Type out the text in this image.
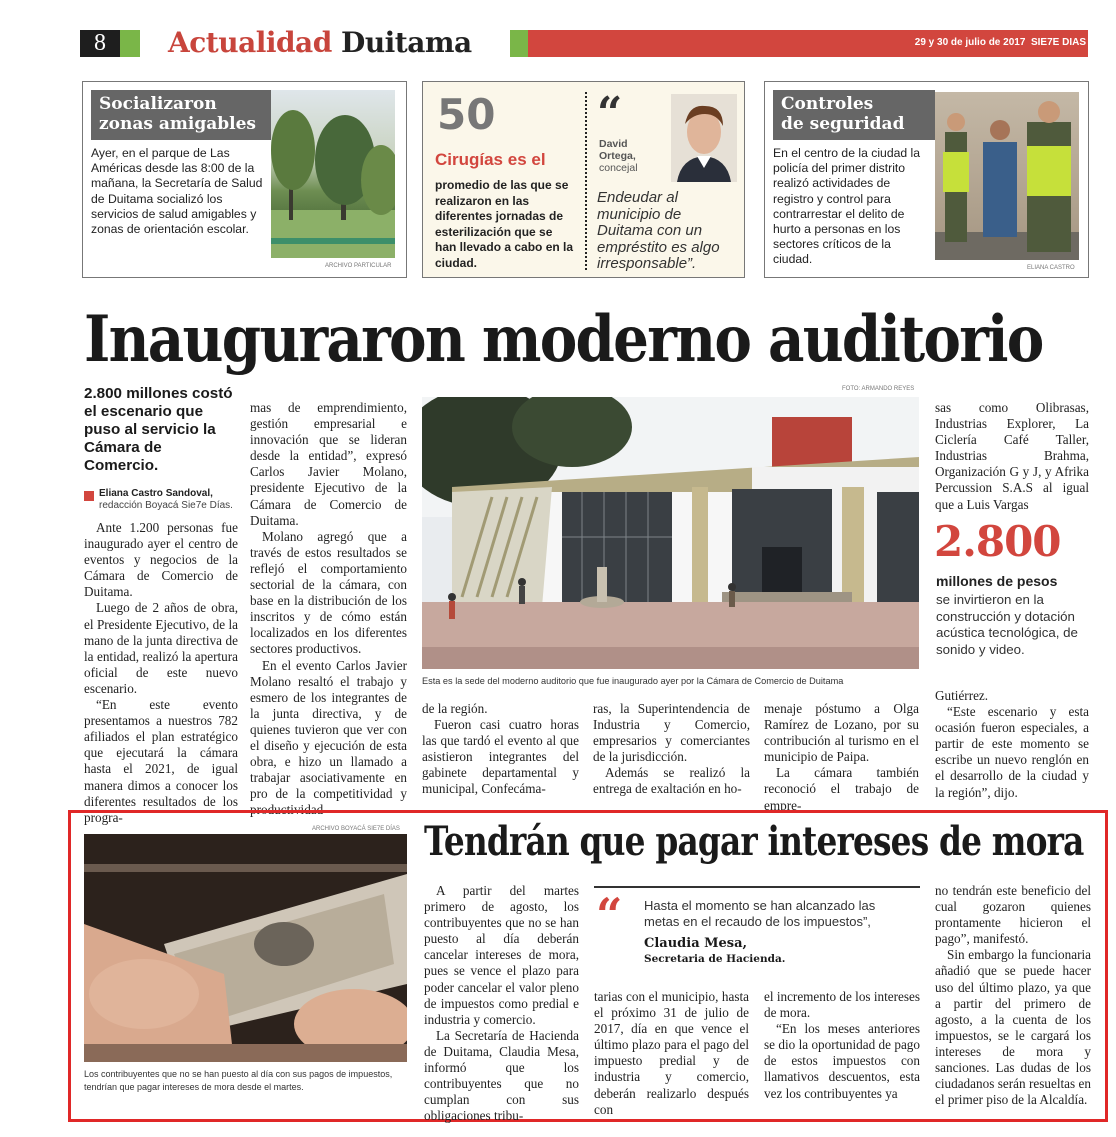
8	Actualidad Duitama	29 y 30 de julio de 2017 SIE7E DIAS
Socializaron
zonas amigables
Ayer, en el parque de Las Américas desde las 8:00 de la mañana, la Secretaría de Salud de Duitama socializó los servicios de salud amigables y zonas de orientación escolar.
ARCHIVO PARTICULAR
50
Cirugías es el
promedio de las que se realizaron en las diferentes jornadas de esterilización que se han llevado a cabo en la ciudad.
“
David
Ortega,
concejal
Endeudar al municipio de Duitama con un empréstito es algo irresponsable”.
Controles
de seguridad
En el centro de la ciudad la policía del primer distrito realizó actividades de registro y control para contrarrestar el delito de hurto a personas en los sectores críticos de la ciudad.
ELIANA CASTRO
Inauguraron moderno auditorio
2.800 millones costó el escenario que puso al servicio la Cámara de Comercio.
Eliana Castro Sandoval,
redacción Boyacá Sie7e Días.

Ante 1.200 personas fue inaugurado ayer el centro de eventos y negocios de la Cámara de Comercio de Duitama.

Luego de 2 años de obra, el Presidente Ejecutivo, de la mano de la junta directiva de la entidad, realizó la apertura oficial de este nuevo escenario.

“En este evento presentamos a nuestros 782 afiliados el plan estratégico que ejecutará la cámara hasta el 2021, de igual manera dimos a conocer los diferentes resultados de los progra-

mas de emprendimiento, gestión empresarial e innovación que se lideran desde la entidad”, expresó Carlos Javier Molano, presidente Ejecutivo de la Cámara de Comercio de Duitama.

Molano agregó que a través de estos resultados se reflejó el comportamiento sectorial de la cámara, con base en la distribución de los inscritos y de cómo están localizados en los diferentes sectores productivos.

En el evento Carlos Javier Molano resaltó el trabajo y esmero de los integrantes de la junta directiva, y de quienes tuvieron que ver con el diseño y ejecución de esta obra, e hizo un llamado a trabajar asociativamente en pro de la competitividad y productividad

FOTO: ARMANDO REYES
Esta es la sede del moderno auditorio que fue inaugurado ayer por la Cámara de Comercio de Duitama

de la región.

Fueron casi cuatro horas las que tardó el evento al que asistieron integrantes del gabinete departamental y municipal, Confecáma-

ras, la Superintendencia de Industria y Comercio, empresarios y comerciantes de la jurisdicción.

Además se realizó la entrega de exaltación en ho-

menaje póstumo a Olga Ramírez de Lozano, por su contribución al turismo en el municipio de Paipa.

La cámara también reconoció el trabajo de empre-

sas como Olibrasas, Industrias Explorer, La Ciclería Café Taller, Industrias Brahma, Organización G y J, y Afrika Percussion S.A.S al igual que a Luis Vargas

2.800
millones de pesos
se invirtieron en la construcción y dotación acústica tecnológica, de sonido y video.

Gutiérrez.

“Este escenario y esta ocasión fueron especiales, a partir de este momento se escribe un nuevo renglón en el desarrollo de la ciudad y la región”, dijo.

ARCHIVO BOYACÁ SIE7E DÍAS
Los contribuyentes que no se han puesto al día con sus pagos de impuestos, tendrían que pagar intereses de mora desde el martes.
Tendrán que pagar intereses de mora

A partir del martes primero de agosto, los contribuyentes que no se han puesto al día deberán cancelar intereses de mora, pues se vence el plazo para poder cancelar el valor pleno de impuestos como predial e industria y comercio.

La Secretaría de Hacienda de Duitama, Claudia Mesa, informó que los contribuyentes que no cumplan con sus obligaciones tribu-

“ Hasta el momento se han alcanzado las metas en el recaudo de los impuestos”,
Claudia Mesa,
Secretaria de Hacienda.

tarias con el municipio, hasta el próximo 31 de julio de 2017, día en que vence el último plazo para el pago del impuesto predial y de industria y comercio, deberán realizarlo después con

el incremento de los intereses de mora.

“En los meses anteriores se dio la oportunidad de pago de estos impuestos con llamativos descuentos, esta vez los contribuyentes ya

no tendrán este beneficio del cual gozaron quienes prontamente hicieron el pago”, manifestó.

Sin embargo la funcionaria añadió que se puede hacer uso del último plazo, ya que a partir del primero de agosto, a la cuenta de los impuestos, se le cargará los intereses de mora y sanciones. Las dudas de los ciudadanos serán resueltas en el primer piso de la Alcaldía.
